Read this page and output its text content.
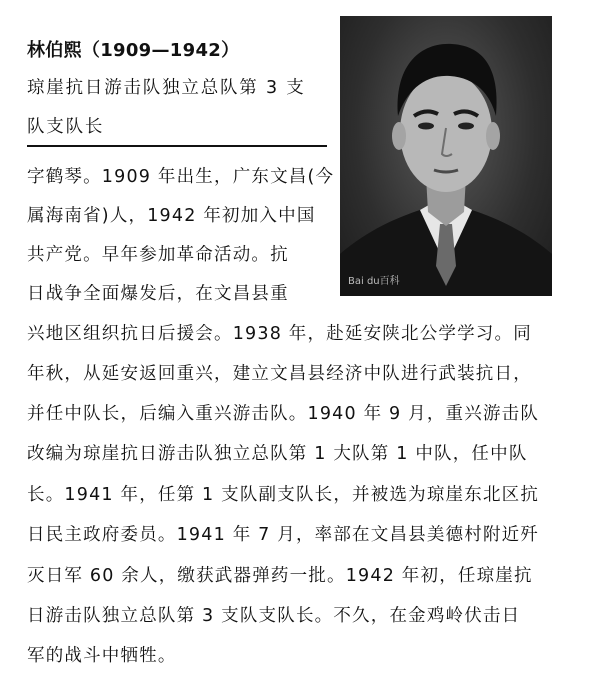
林伯熙（1909—1942）
琼崖抗日游击队独立总队第 3 支
队支队长
Bai du百科
字鹤琴。1909 年出生，广东文昌(今
属海南省)人，1942 年初加入中国
共产党。早年参加革命活动。抗
日战争全面爆发后，在文昌县重
兴地区组织抗日后援会。1938 年，赴延安陕北公学学习。同
年秋，从延安返回重兴，建立文昌县经济中队进行武装抗日，
并任中队长，后编入重兴游击队。1940 年 9 月，重兴游击队
改编为琼崖抗日游击队独立总队第 1 大队第 1 中队，任中队
长。1941 年，任第 1 支队副支队长，并被选为琼崖东北区抗
日民主政府委员。1941 年 7 月，率部在文昌县美德村附近歼
灭日军 60 余人，缴获武器弹药一批。1942 年初，任琼崖抗
日游击队独立总队第 3 支队支队长。不久，在金鸡岭伏击日
军的战斗中牺牲。
